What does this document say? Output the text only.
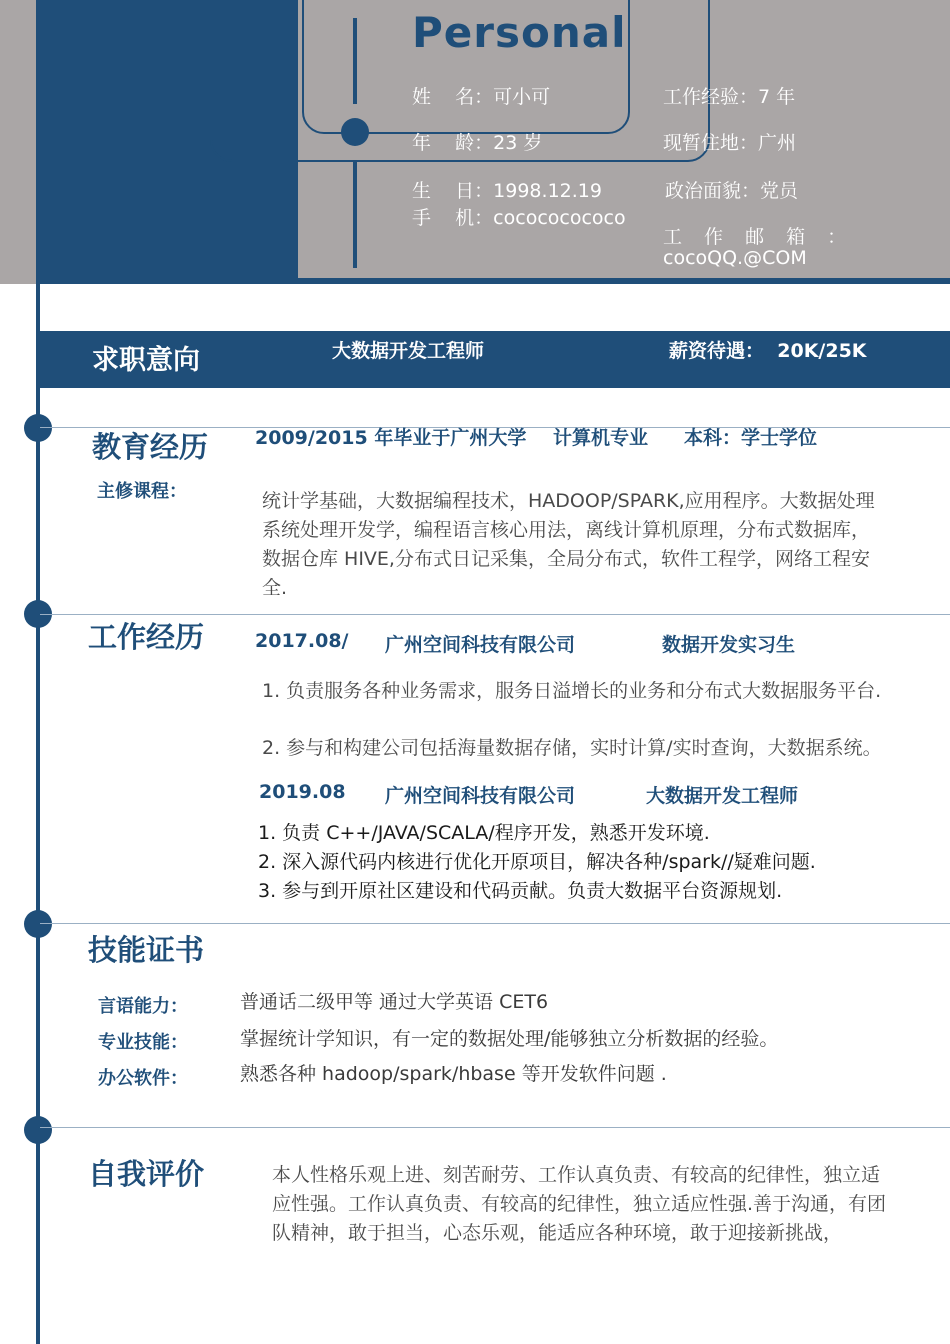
Personal
姓    名：可小可
年    龄：23 岁
生    日：1998.12.19
手    机：cocococococo
工作经验：7 年
现暂住地：广州
政治面貌：党员
工 作 邮 箱 ：
cocoQQ.@COM
求职意向	大数据开发工程师	薪资待遇： 20K/25K
教育经历 2009/2015 年毕业于广州大学 计算机专业 本科：学士学位
主修课程：	统计学基础，大数据编程技术，HADOOP/SPARK,应用程序。大数据处理系统处理开发学，编程语言核心用法，离线计算机原理，分布式数据库，数据仓库 HIVE,分布式日记采集，全局分布式，软件工程学，网络工程安全.
工作经历	2017.08/ 广州空间科技有限公司	数据开发实习生
1. 负责服务各种业务需求，服务日溢增长的业务和分布式大数据服务平台.
2. 参与和构建公司包括海量数据存储，实时计算/实时查询，大数据系统。
2019.08 广州空间科技有限公司	大数据开发工程师
1. 负责 C++/JAVA/SCALA/程序开发，熟悉开发环境.
2. 深入源代码内核进行优化开原项目，解决各种/spark//疑难问题.
3. 参与到开原社区建设和代码贡献。负责大数据平台资源规划.
技能证书
言语能力：	普通话二级甲等 通过大学英语 CET6
专业技能：	掌握统计学知识，有一定的数据处理/能够独立分析数据的经验。
办公软件：	熟悉各种 hadoop/spark/hbase 等开发软件问题 .
自我评价	本人性格乐观上进、刻苦耐劳、工作认真负责、有较高的纪律性，独立适应性强。工作认真负责、有较高的纪律性，独立适应性强.善于沟通，有团队精神，敢于担当，心态乐观，能适应各种环境，敢于迎接新挑战，
